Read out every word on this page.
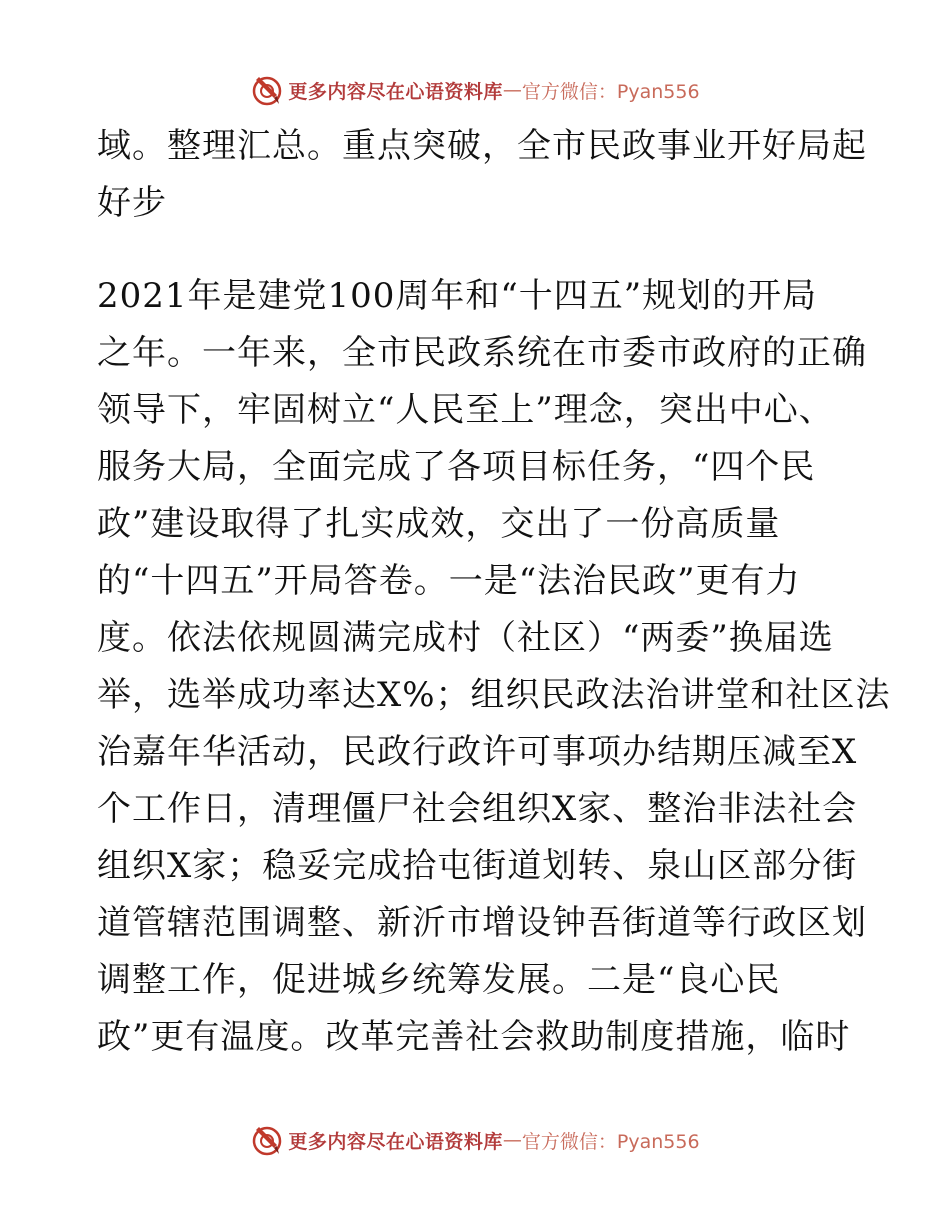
更多内容尽在心语资料库 — 官方微信：Pyan556
域。整理汇总。重点突破，全市民政事业开好局起
好步
2021年是建党100周年和“十四五”规划的开局
之年。一年来，全市民政系统在市委市政府的正确
领导下，牢固树立“人民至上”理念，突出中心、
服务大局，全面完成了各项目标任务，“四个民
政”建设取得了扎实成效，交出了一份高质量
的“十四五”开局答卷。一是“法治民政”更有力
度。依法依规圆满完成村（社区）“两委”换届选
举，选举成功率达X%；组织民政法治讲堂和社区法
治嘉年华活动，民政行政许可事项办结期压减至X
个工作日，清理僵尸社会组织X家、整治非法社会
组织X家；稳妥完成拾屯街道划转、泉山区部分街
道管辖范围调整、新沂市增设钟吾街道等行政区划
调整工作，促进城乡统筹发展。二是“良心民
政”更有温度。改革完善社会救助制度措施，临时
更多内容尽在心语资料库 — 官方微信：Pyan556
